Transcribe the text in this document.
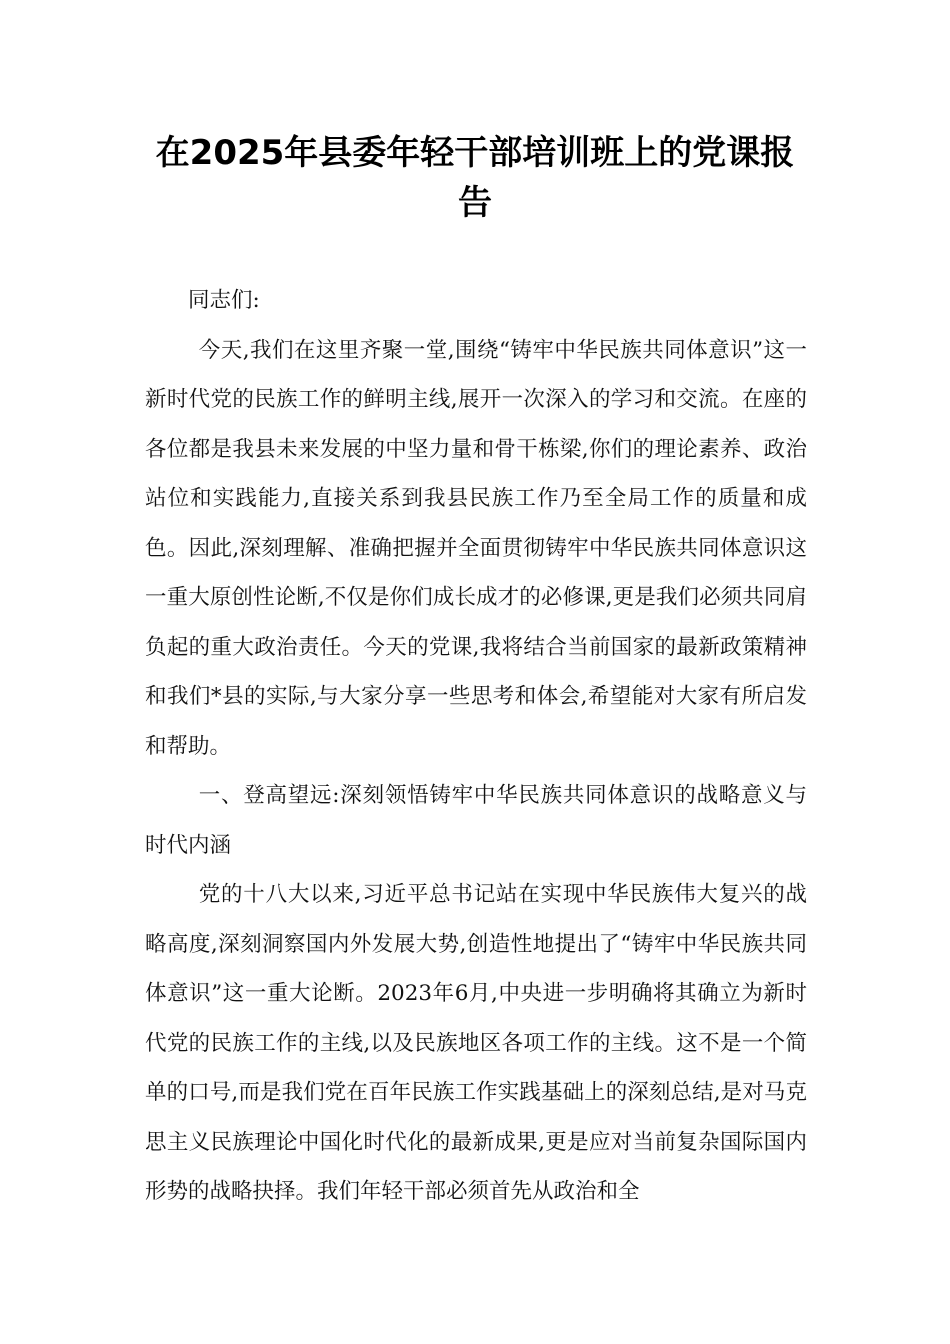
在2025年县委年轻干部培训班上的党课报告

同志们:

今天,我们在这里齐聚一堂,围绕“铸牢中华民族共同体意识”这一新时代党的民族工作的鲜明主线,展开一次深入的学习和交流。在座的各位都是我县未来发展的中坚力量和骨干栋梁,你们的理论素养、政治站位和实践能力,直接关系到我县民族工作乃至全局工作的质量和成色。因此,深刻理解、准确把握并全面贯彻铸牢中华民族共同体意识这一重大原创性论断,不仅是你们成长成才的必修课,更是我们必须共同肩负起的重大政治责任。今天的党课,我将结合当前国家的最新政策精神和我们*县的实际,与大家分享一些思考和体会,希望能对大家有所启发和帮助。

一、登高望远:深刻领悟铸牢中华民族共同体意识的战略意义与时代内涵

党的十八大以来,习近平总书记站在实现中华民族伟大复兴的战略高度,深刻洞察国内外发展大势,创造性地提出了“铸牢中华民族共同体意识”这一重大论断。2023年6月,中央进一步明确将其确立为新时代党的民族工作的主线,以及民族地区各项工作的主线。这不是一个简单的口号,而是我们党在百年民族工作实践基础上的深刻总结,是对马克思主义民族理论中国化时代化的最新成果,更是应对当前复杂国际国内形势的战略抉择。我们年轻干部必须首先从政治和全
